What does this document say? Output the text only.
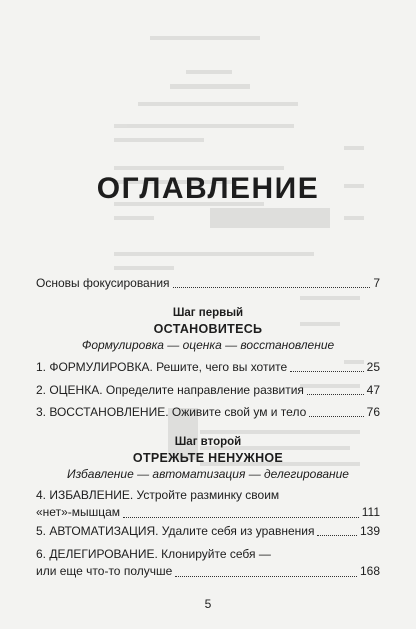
ОГЛАВЛЕНИЕ
Основы фокусирования	7

Шаг первый

ОСТАНОВИТЕСЬ

Формулировка — оценка — восстановление

1. ФОРМУЛИРОВКА. Решите, чего вы хотите	25
2. ОЦЕНКА. Определите направление развития	47
3. ВОССТАНОВЛЕНИЕ. Оживите свой ум и тело	76

Шаг второй

ОТРЕЖЬТЕ НЕНУЖНОЕ

Избавление — автоматизация — делегирование

4. ИЗБАВЛЕНИЕ. Устройте разминку своим
«нет»-мышцам	111
5. АВТОМАТИЗАЦИЯ. Удалите себя из уравнения	139
6. ДЕЛЕГИРОВАНИЕ. Клонируйте себя —
или еще что-то получше	168
5
